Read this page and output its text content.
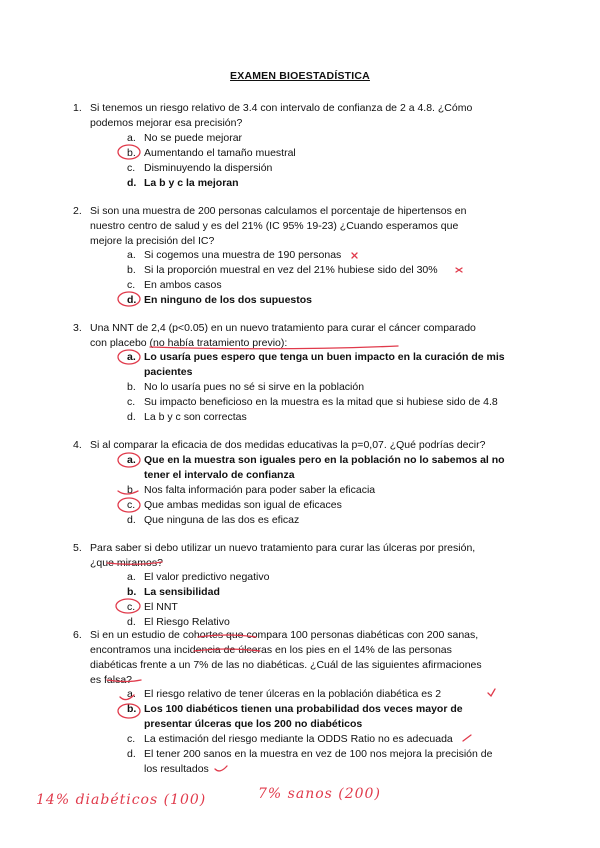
EXAMEN BIOESTADÍSTICA
1. Si tenemos un riesgo relativo de 3.4 con intervalo de confianza de 2 a 4.8. ¿Cómo
podemos mejorar esa precisión?
a. No se puede mejorar
b. Aumentando el tamaño muestral
c. Disminuyendo la dispersión
d. La b y c la mejoran
2. Si son una muestra de 200 personas calculamos el porcentaje de hipertensos en
nuestro centro de salud y es del 21% (IC 95% 19-23) ¿Cuando esperamos que
mejore la precisión del IC?
a. Si cogemos una muestra de 190 personas
b. Si la proporción muestral en vez del 21% hubiese sido del 30%
c. En ambos casos
d. En ninguno de los dos supuestos
3. Una NNT de 2,4 (p<0.05) en un nuevo tratamiento para curar el cáncer comparado
con placebo (no había tratamiento previo):
a. Lo usaría pues espero que tenga un buen impacto en la curación de mis
pacientes
b. No lo usaría pues no sé si sirve en la población
c. Su impacto beneficioso en la muestra es la mitad que si hubiese sido de 4.8
d. La b y c son correctas
4. Si al comparar la eficacia de dos medidas educativas la p=0,07. ¿Qué podrías decir?
a. Que en la muestra son iguales pero en la población no lo sabemos al no
tener el intervalo de confianza
b. Nos falta información para poder saber la eficacia
c. Que ambas medidas son igual de eficaces
d. Que ninguna de las dos es eficaz
5. Para saber si debo utilizar un nuevo tratamiento para curar las úlceras por presión,
¿que miramos?
a. El valor predictivo negativo
b. La sensibilidad
c. El NNT
d. El Riesgo Relativo
6. Si en un estudio de cohortes que compara 100 personas diabéticas con 200 sanas,
encontramos una incidencia de úlceras en los pies en el 14% de las personas
diabéticas frente a un 7% de las no diabéticas. ¿Cuál de las siguientes afirmaciones
es falsa?
a. El riesgo relativo de tener úlceras en la población diabética es 2
b. Los 100 diabéticos tienen una probabilidad dos veces mayor de
presentar úlceras que los 200 no diabéticos
c. La estimación del riesgo mediante la ODDS Ratio no es adecuada
d. El tener 200 sanos en la muestra en vez de 100 nos mejora la precisión de
los resultados
14% diabéticos (100)	7% sanos (200)
